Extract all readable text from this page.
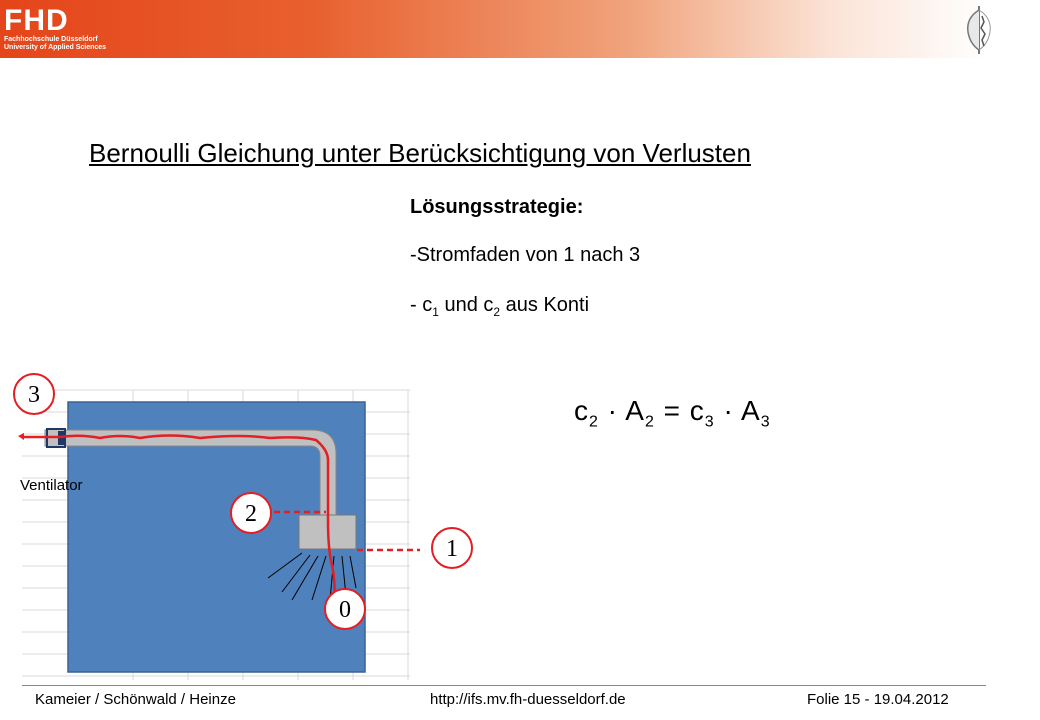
FHD
Fachhochschule Düsseldorf
University of Applied Sciences
Bernoulli Gleichung unter Berücksichtigung von Verlusten
Lösungsstrategie:
-Stromfaden von 1 nach 3
- $c_1$ und $c_2$ aus Konti
$c_2 \cdot A_2 = c_3 \cdot A_3$
3
2
0
Ventilator
1
Kameier / Schönwald / Heinze	http://ifs.mv.fh-duesseldorf.de	Folie 15 - 19.04.2012
